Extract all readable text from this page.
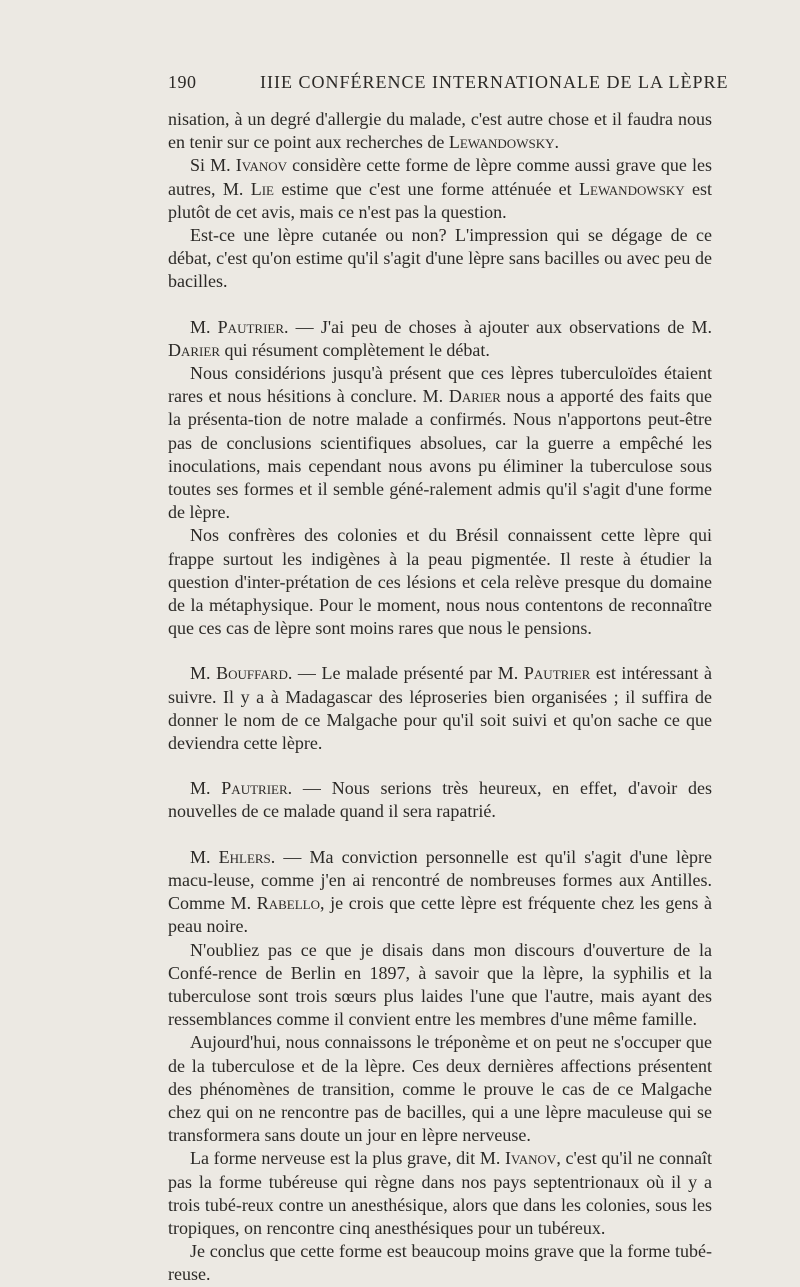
190	IIIE CONFÉRENCE INTERNATIONALE DE LA LÈPRE

nisation, à un degré d'allergie du malade, c'est autre chose et il faudra nous en tenir sur ce point aux recherches de Lewandowsky.

Si M. Ivanov considère cette forme de lèpre comme aussi grave que les autres, M. Lie estime que c'est une forme atténuée et Lewandowsky est plutôt de cet avis, mais ce n'est pas la question.

Est-ce une lèpre cutanée ou non? L'impression qui se dégage de ce débat, c'est qu'on estime qu'il s'agit d'une lèpre sans bacilles ou avec peu de bacilles.

M. Pautrier. — J'ai peu de choses à ajouter aux observations de M. Darier qui résument complètement le débat.

Nous considérions jusqu'à présent que ces lèpres tuberculoïdes étaient rares et nous hésitions à conclure. M. Darier nous a apporté des faits que la présenta-tion de notre malade a confirmés. Nous n'apportons peut-être pas de conclusions scientifiques absolues, car la guerre a empêché les inoculations, mais cependant nous avons pu éliminer la tuberculose sous toutes ses formes et il semble géné-ralement admis qu'il s'agit d'une forme de lèpre.

Nos confrères des colonies et du Brésil connaissent cette lèpre qui frappe surtout les indigènes à la peau pigmentée. Il reste à étudier la question d'inter-prétation de ces lésions et cela relève presque du domaine de la métaphysique. Pour le moment, nous nous contentons de reconnaître que ces cas de lèpre sont moins rares que nous le pensions.

M. Bouffard. — Le malade présenté par M. Pautrier est intéressant à suivre. Il y a à Madagascar des léproseries bien organisées ; il suffira de donner le nom de ce Malgache pour qu'il soit suivi et qu'on sache ce que deviendra cette lèpre.

M. Pautrier. — Nous serions très heureux, en effet, d'avoir des nouvelles de ce malade quand il sera rapatrié.

M. Ehlers. — Ma conviction personnelle est qu'il s'agit d'une lèpre macu-leuse, comme j'en ai rencontré de nombreuses formes aux Antilles. Comme M. Rabello, je crois que cette lèpre est fréquente chez les gens à peau noire.

N'oubliez pas ce que je disais dans mon discours d'ouverture de la Confé-rence de Berlin en 1897, à savoir que la lèpre, la syphilis et la tuberculose sont trois sœurs plus laides l'une que l'autre, mais ayant des ressemblances comme il convient entre les membres d'une même famille.

Aujourd'hui, nous connaissons le tréponème et on peut ne s'occuper que de la tuberculose et de la lèpre. Ces deux dernières affections présentent des phénomènes de transition, comme le prouve le cas de ce Malgache chez qui on ne rencontre pas de bacilles, qui a une lèpre maculeuse qui se transformera sans doute un jour en lèpre nerveuse.

La forme nerveuse est la plus grave, dit M. Ivanov, c'est qu'il ne connaît pas la forme tubéreuse qui règne dans nos pays septentrionaux où il y a trois tubé-reux contre un anesthésique, alors que dans les colonies, sous les tropiques, on rencontre cinq anesthésiques pour un tubéreux.

Je conclus que cette forme est beaucoup moins grave que la forme tubé-reuse.
